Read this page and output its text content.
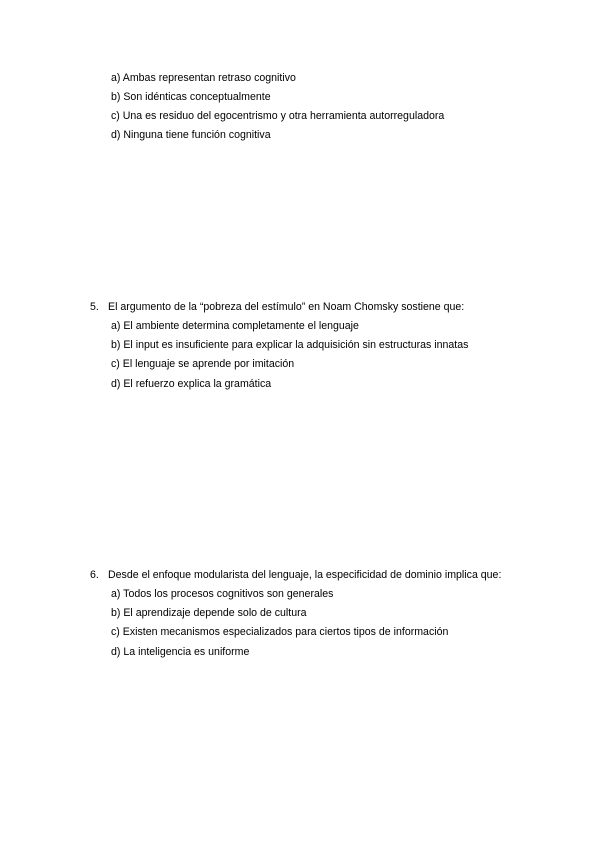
a) Ambas representan retraso cognitivo
b) Son idénticas conceptualmente
c) Una es residuo del egocentrismo y otra herramienta autorreguladora
d) Ninguna tiene función cognitiva
5. El argumento de la “pobreza del estímulo” en Noam Chomsky sostiene que:
a) El ambiente determina completamente el lenguaje
b) El input es insuficiente para explicar la adquisición sin estructuras innatas
c) El lenguaje se aprende por imitación
d) El refuerzo explica la gramática
6. Desde el enfoque modularista del lenguaje, la especificidad de dominio implica que:
a) Todos los procesos cognitivos son generales
b) El aprendizaje depende solo de cultura
c) Existen mecanismos especializados para ciertos tipos de información
d) La inteligencia es uniforme
